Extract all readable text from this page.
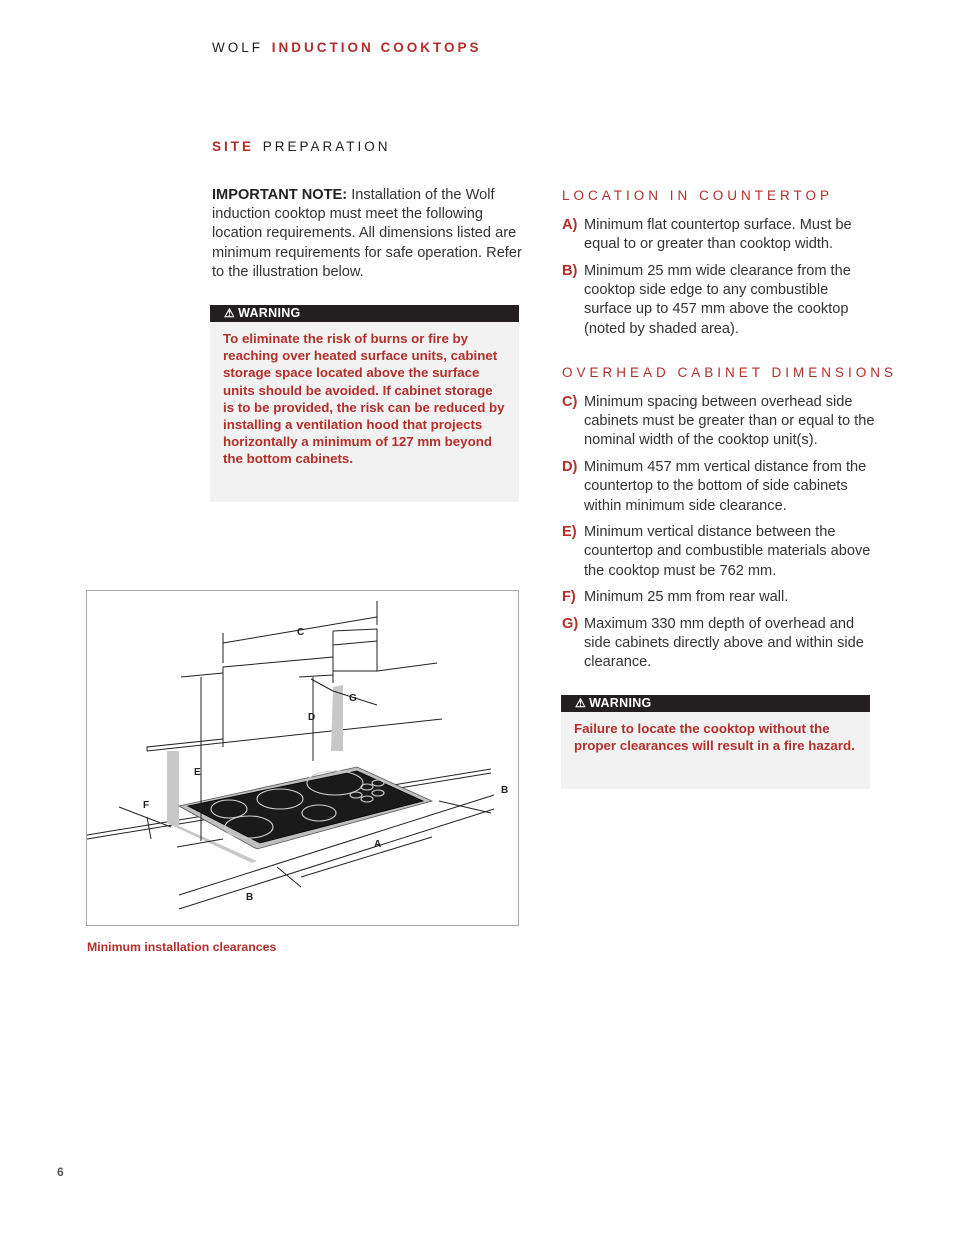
WOLF INDUCTION COOKTOPS
SITE PREPARATION
IMPORTANT NOTE: Installation of the Wolf induction cooktop must meet the following location requirements. All dimensions listed are minimum requirements for safe operation. Refer to the illustration below.
⚠ WARNING
To eliminate the risk of burns or fire by reaching over heated surface units, cabinet storage space located above the surface units should be avoided. If cabinet storage is to be provided, the risk can be reduced by installing a ventilation hood that projects horizontally a minimum of 127 mm beyond the bottom cabinets.
LOCATION IN COUNTERTOP
A) Minimum flat countertop surface. Must be equal to or greater than cooktop width.
B) Minimum 25 mm wide clearance from the cooktop side edge to any combustible surface up to 457 mm above the cooktop (noted by shaded area).
OVERHEAD CABINET DIMENSIONS
C) Minimum spacing between overhead side cabinets must be greater than or equal to the nominal width of the cooktop unit(s).
D) Minimum 457 mm vertical distance from the countertop to the bottom of side cabinets within minimum side clearance.
E) Minimum vertical distance between the countertop and combustible materials above the cooktop must be 762 mm.
F) Minimum 25 mm from rear wall.
G) Maximum 330 mm depth of overhead and side cabinets directly above and within side clearance.
⚠ WARNING
Failure to locate the cooktop without the proper clearances will result in a fire hazard.
C
D
G
E
F
A
B
B
Minimum installation clearances
6
